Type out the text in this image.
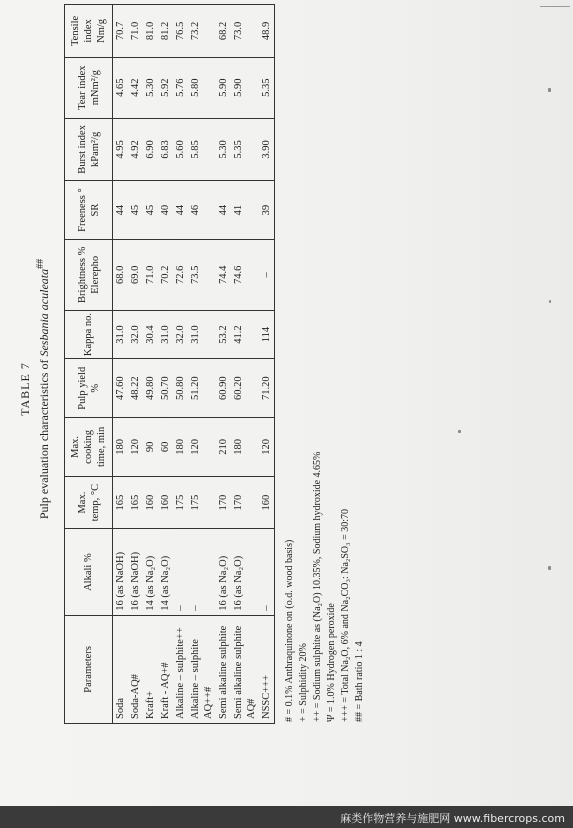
TABLE 7 Pulp evaluation characteristics of Sesbania aculeata##
Parameters	Alkali %	Max. temp, °C	Max. cooking time, min	Pulp yield %	Kappa no.	Brightness % Elerepho	Freeness ° SR	Burst index kPam²/g	Tear index mNm²/g	Tensile index Nm/g
Soda	16 (as NaOH)	165	180	47.60	31.0	68.0	44	4.95	4.65	70.7
Soda-AQ#	16 (as NaOH)	165	120	48.22	32.0	69.0	45	4.92	4.42	71.0
Kraft+	14 (as Na₂O)	160	90	49.80	30.4	71.0	45	6.90	5.30	81.0
Kraft - AQ+#	14 (as Na₂O)	160	60	50.70	31.0	70.2	40	6.83	5.92	81.2
Alkaline – sulphite++	–	175	180	50.80	32.0	72.6	44	5.60	5.76	76.5
Alkaline – sulphite AQ++#	–	175	120	51.20	31.0	73.5	46	5.85	5.80	73.2
Semi alkaline sulphite	16 (as Na₂O)	170	210	60.90	53.2	74.4	44	5.30	5.90	68.2
Semi alkaline sulphite AQ#	16 (as Na₂O)	170	180	60.20	41.2	74.6	41	5.35	5.90	73.0
NSSC+++	–	160	120	71.20	114	–	39	3.90	5.35	48.9
# = 0.1% Anthraquinone on (o.d. wood basis) + = Sulphidity 20% ++ = Sodium sulphite as (Na₂O) 10.35%, Sodium hydroxide 4.65% Ψ = 1.0% Hydrogen peroxide +++ = Total Na₂O, 6% and Na₂CO₃: Na₂SO₃ = 30:70 ## = Bath ratio 1 : 4
麻类作物营养与施肥网 www.fibercrops.com
